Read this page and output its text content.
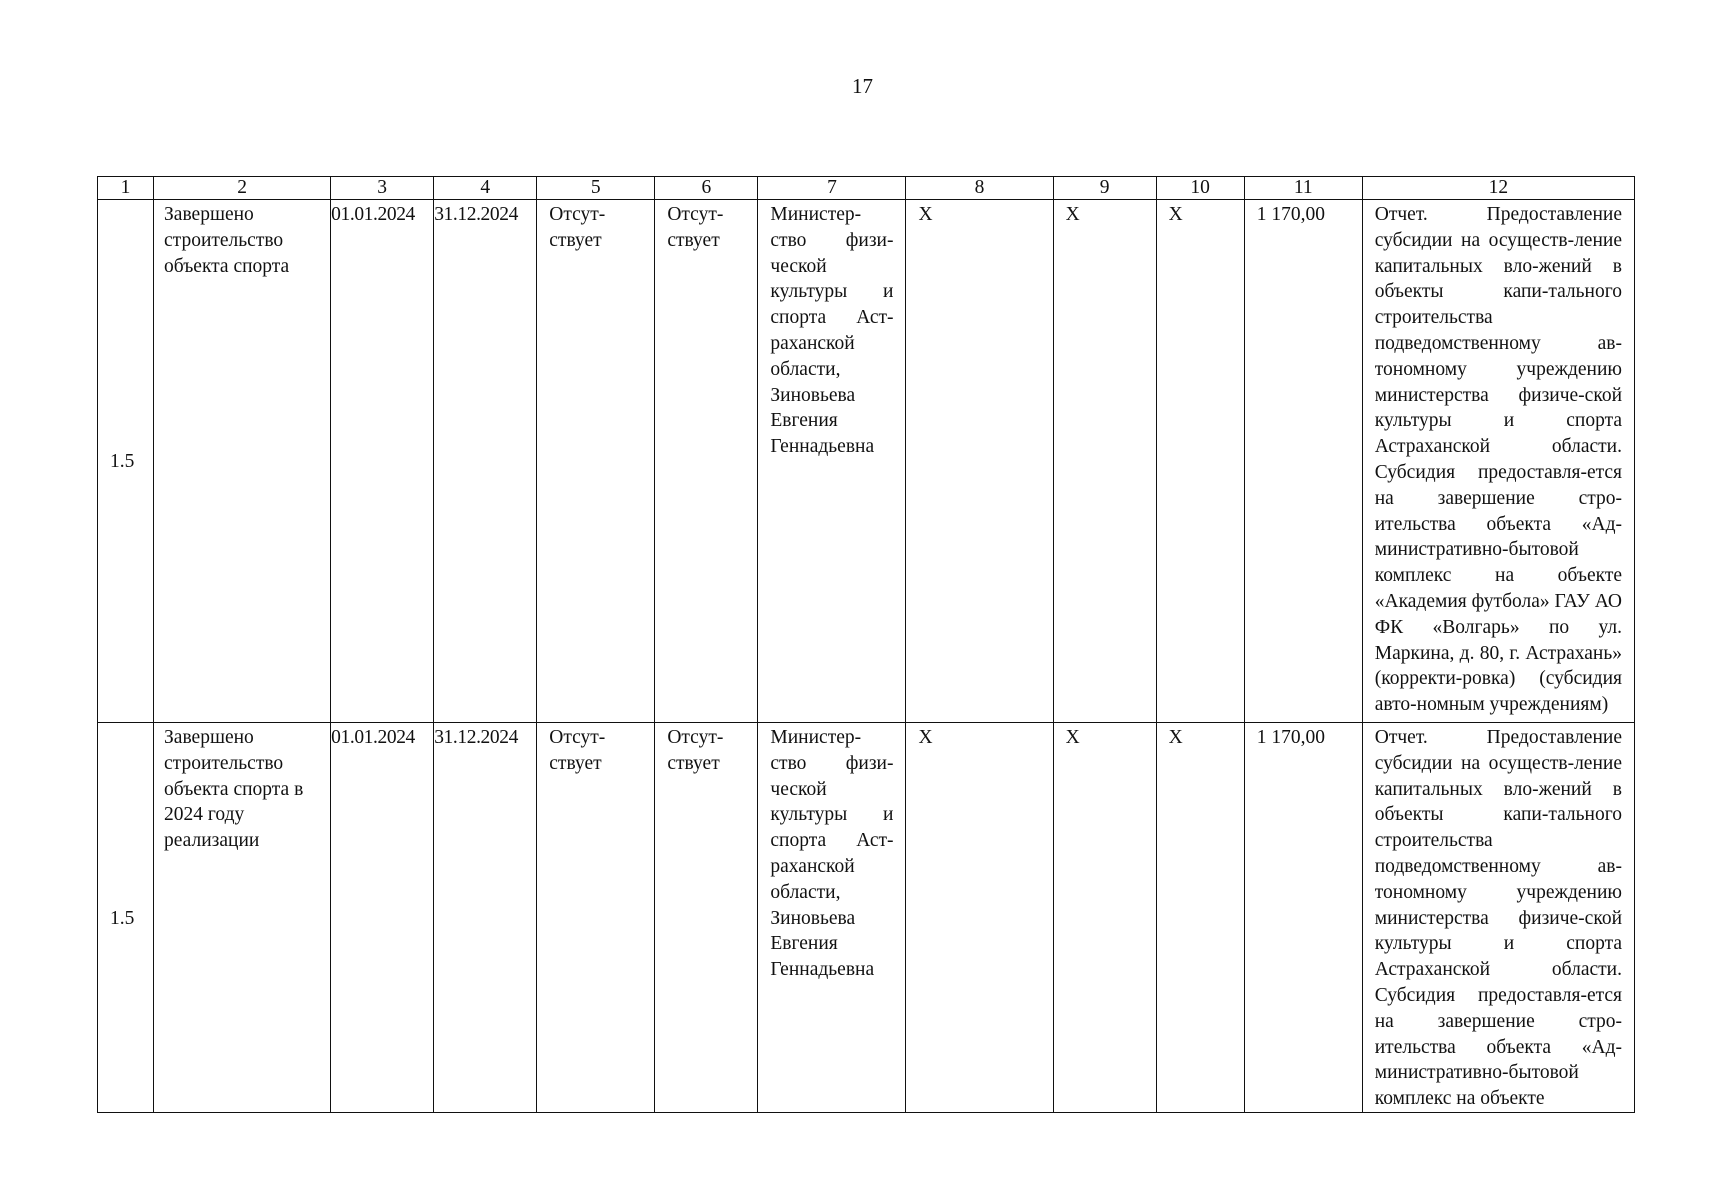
17
1	2	3	4	5	6	7	8	9	10	11	12
1.5	Завершено строительство объекта спорта	01.01.2024	31.12.2024	Отсут-ствует	Отсут-ствует	Министер-ство физи-ческой культуры и спорта Аст-раханской области, Зиновьева Евгения Геннадьевна	X	X	X	1 170,00	Отчет. Предоставление субсидии на осуществ-ление капитальных вло-жений в объекты капи-тального строительства подведомственному ав-тономному учреждению министерства физиче-ской культуры и спорта Астраханской области. Субсидия предоставля-ется на завершение стро-ительства объекта «Ад-министративно-бытовой комплекс на объекте «Академия футбола» ГАУ АО ФК «Волгарь» по ул. Маркина, д. 80, г. Астрахань» (корректи-ровка) (субсидия авто-номным учреждениям)
1.5	Завершено строительство объекта спорта в 2024 году реализации	01.01.2024	31.12.2024	Отсут-ствует	Отсут-ствует	Министер-ство физи-ческой культуры и спорта Аст-раханской области, Зиновьева Евгения Геннадьевна	X	X	X	1 170,00	Отчет. Предоставление субсидии на осуществ-ление капитальных вло-жений в объекты капи-тального строительства подведомственному ав-тономному учреждению министерства физиче-ской культуры и спорта Астраханской области. Субсидия предоставля-ется на завершение стро-ительства объекта «Ад-министративно-бытовой комплекс на объекте
